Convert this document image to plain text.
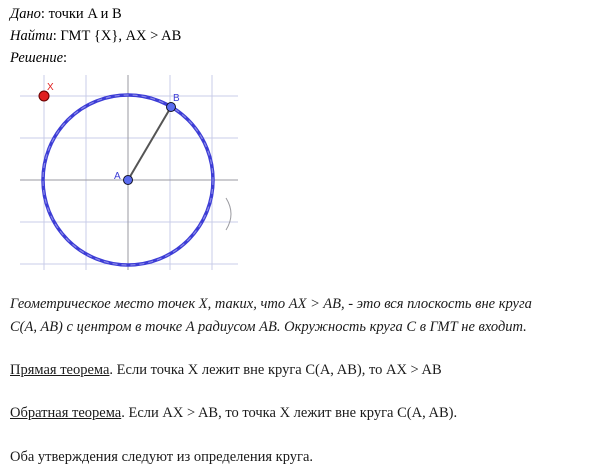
Дано: точки A и B
Найти: ГМТ {X}, AX > AB
Решение:
X
A
B
Геометрическое место точек X, таких, что AX > AB, - это вся плоскость вне круга
C(A, AB) с центром в точке A радиусом AB. Окружность круга C в ГМТ не входит.
Прямая теорема. Если точка X лежит вне круга C(A, AB), то AX > AB
Обратная теорема. Если AX > AB, то точка X лежит вне круга C(A, AB).
Оба утверждения следуют из определения круга.
